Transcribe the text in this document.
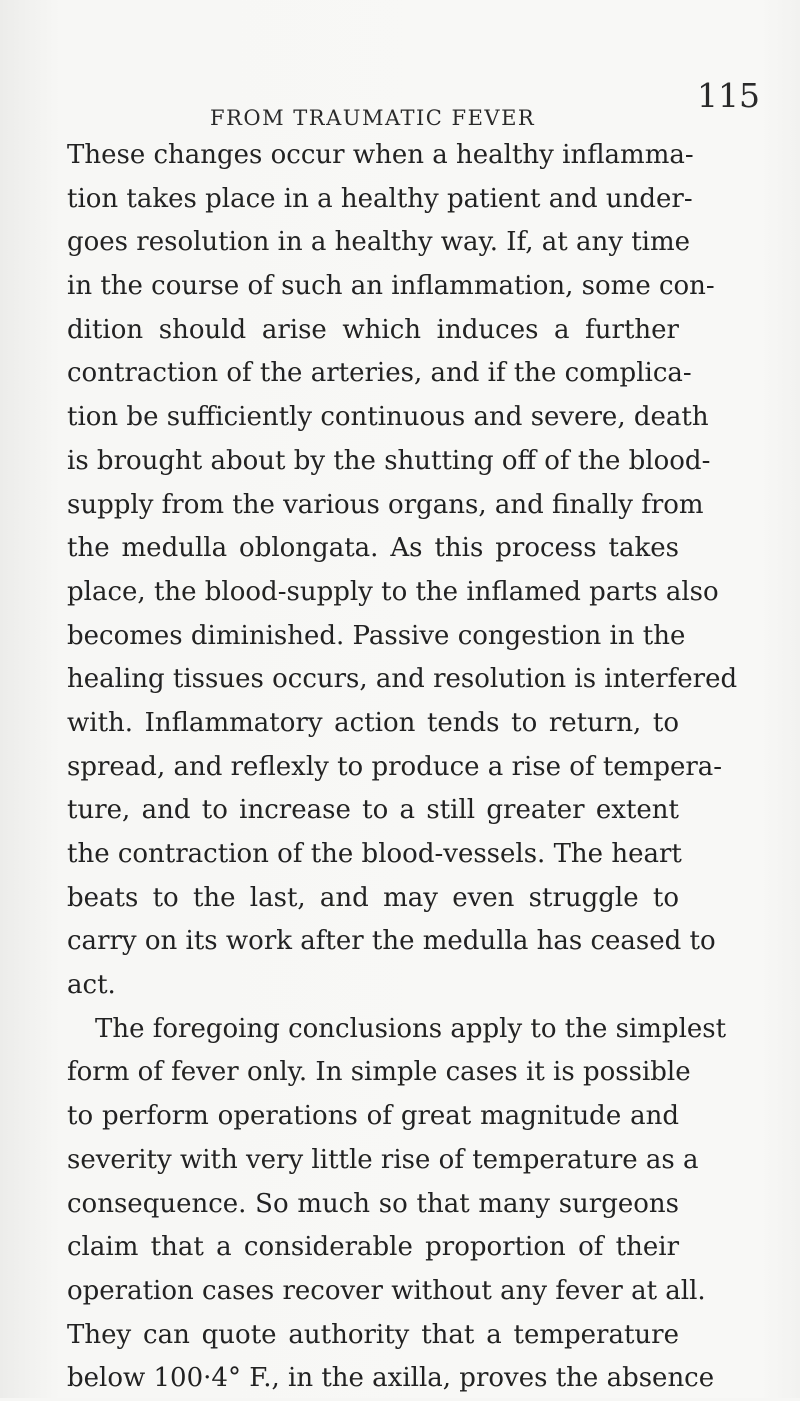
FROM TRAUMATIC FEVER
115
These changes occur when a healthy inflamma-
tion takes place in a healthy patient and under-
goes resolution in a healthy way. If, at any time
in the course of such an inflammation, some con-
dition should arise which induces a further
contraction of the arteries, and if the complica-
tion be sufficiently continuous and severe, death
is brought about by the shutting off of the blood-
supply from the various organs, and finally from
the medulla oblongata. As this process takes
place, the blood-supply to the inflamed parts also
becomes diminished. Passive congestion in the
healing tissues occurs, and resolution is interfered
with. Inflammatory action tends to return, to
spread, and reflexly to produce a rise of tempera-
ture, and to increase to a still greater extent
the contraction of the blood-vessels. The heart
beats to the last, and may even struggle to
carry on its work after the medulla has ceased to
act.
The foregoing conclusions apply to the simplest
form of fever only. In simple cases it is possible
to perform operations of great magnitude and
severity with very little rise of temperature as a
consequence. So much so that many surgeons
claim that a considerable proportion of their
operation cases recover without any fever at all.
They can quote authority that a temperature
below 100·4° F., in the axilla, proves the absence
